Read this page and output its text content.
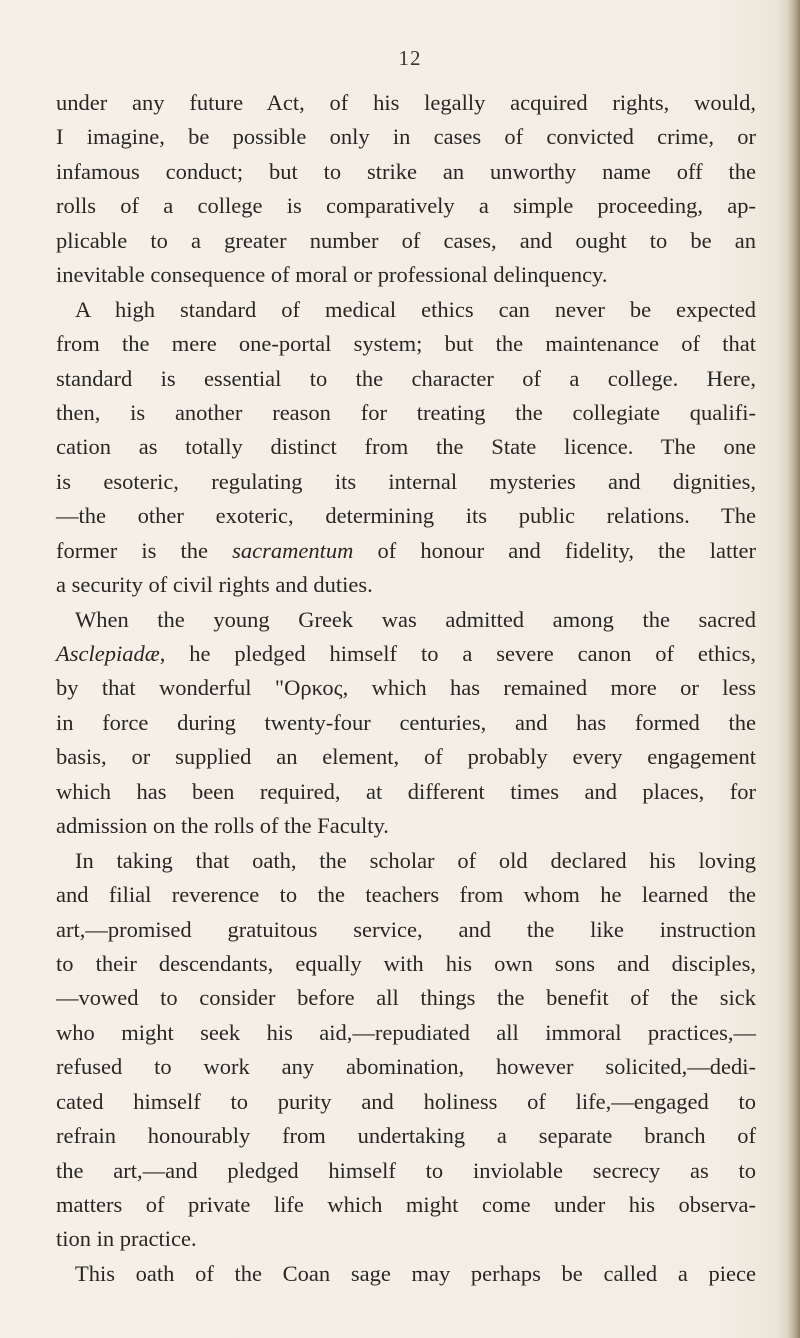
12
under any future Act, of his legally acquired rights, would,
I imagine, be possible only in cases of convicted crime, or
infamous conduct; but to strike an unworthy name off the
rolls of a college is comparatively a simple proceeding, ap-
plicable to a greater number of cases, and ought to be an
inevitable consequence of moral or professional delinquency.
A high standard of medical ethics can never be expected
from the mere one-portal system; but the maintenance of that
standard is essential to the character of a college. Here,
then, is another reason for treating the collegiate qualifi-
cation as totally distinct from the State licence. The one
is esoteric, regulating its internal mysteries and dignities,
—the other exoteric, determining its public relations. The
former is the sacramentum of honour and fidelity, the latter
a security of civil rights and duties.
When the young Greek was admitted among the sacred
Asclepiadæ, he pledged himself to a severe canon of ethics,
by that wonderful "Ορκος, which has remained more or less
in force during twenty-four centuries, and has formed the
basis, or supplied an element, of probably every engagement
which has been required, at different times and places, for
admission on the rolls of the Faculty.
In taking that oath, the scholar of old declared his loving
and filial reverence to the teachers from whom he learned the
art,—promised gratuitous service, and the like instruction
to their descendants, equally with his own sons and disciples,
—vowed to consider before all things the benefit of the sick
who might seek his aid,—repudiated all immoral practices,—
refused to work any abomination, however solicited,—dedi-
cated himself to purity and holiness of life,—engaged to
refrain honourably from undertaking a separate branch of
the art,—and pledged himself to inviolable secrecy as to
matters of private life which might come under his observa-
tion in practice.
This oath of the Coan sage may perhaps be called a piece
